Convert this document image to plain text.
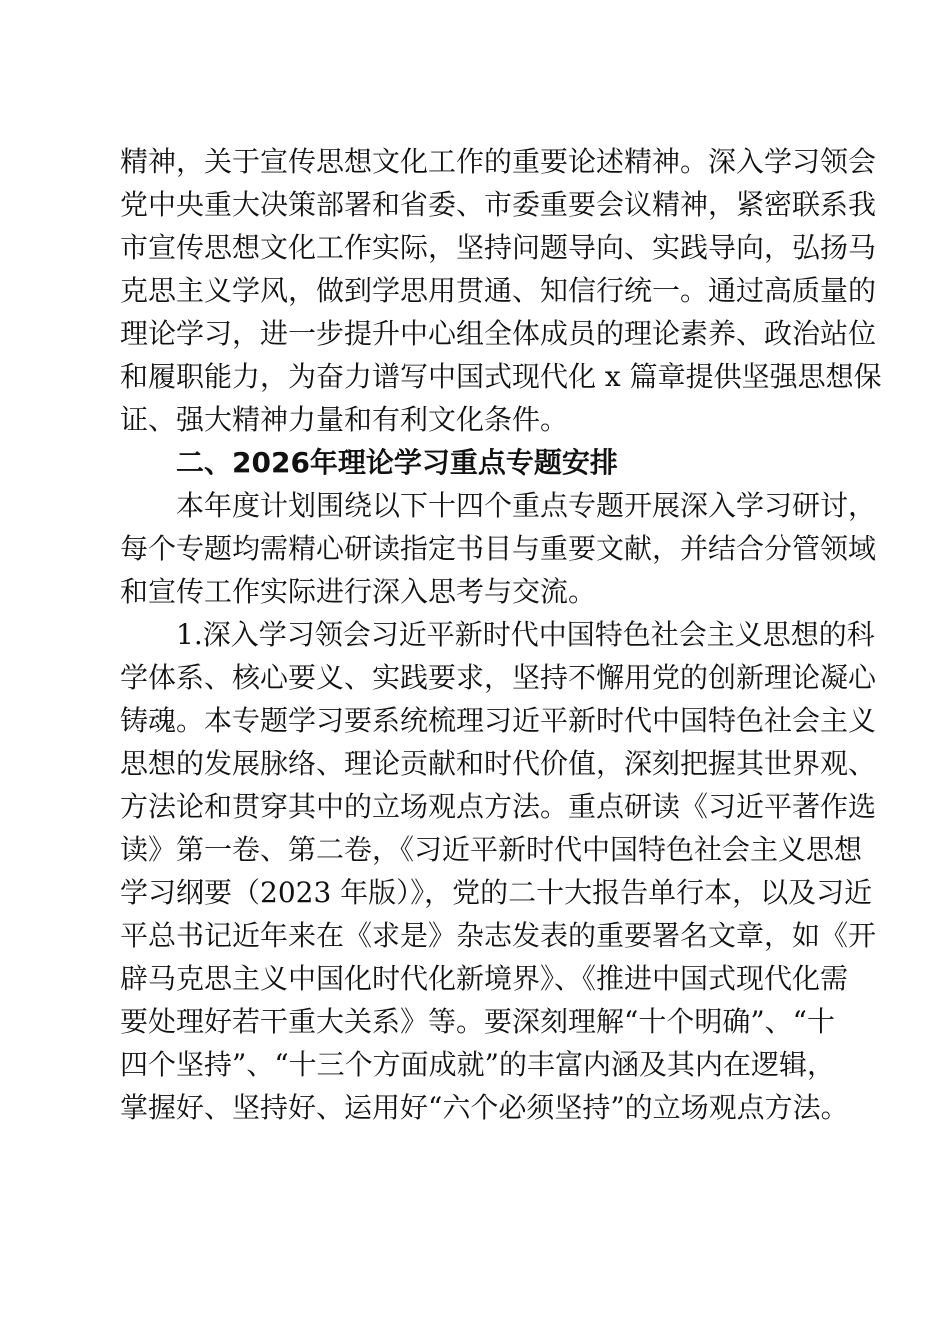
精神，关于宣传思想文化工作的重要论述精神。深入学习领会
党中央重大决策部署和省委、市委重要会议精神，紧密联系我
市宣传思想文化工作实际，坚持问题导向、实践导向，弘扬马
克思主义学风，做到学思用贯通、知信行统一。通过高质量的
理论学习，进一步提升中心组全体成员的理论素养、政治站位
和履职能力，为奋力谱写中国式现代化 x 篇章提供坚强思想保
证、强大精神力量和有利文化条件。
二、2026年理论学习重点专题安排
　　本年度计划围绕以下十四个重点专题开展深入学习研讨，
每个专题均需精心研读指定书目与重要文献，并结合分管领域
和宣传工作实际进行深入思考与交流。
　　1.深入学习领会习近平新时代中国特色社会主义思想的科
学体系、核心要义、实践要求，坚持不懈用党的创新理论凝心
铸魂。本专题学习要系统梳理习近平新时代中国特色社会主义
思想的发展脉络、理论贡献和时代价值，深刻把握其世界观、
方法论和贯穿其中的立场观点方法。重点研读《习近平著作选
读》第一卷、第二卷，《习近平新时代中国特色社会主义思想
学习纲要（2023 年版）》，党的二十大报告单行本，以及习近
平总书记近年来在《求是》杂志发表的重要署名文章，如《开
辟马克思主义中国化时代化新境界》、《推进中国式现代化需
要处理好若干重大关系》等。要深刻理解“十个明确”、“十
四个坚持”、“十三个方面成就”的丰富内涵及其内在逻辑，
掌握好、坚持好、运用好“六个必须坚持”的立场观点方法。
